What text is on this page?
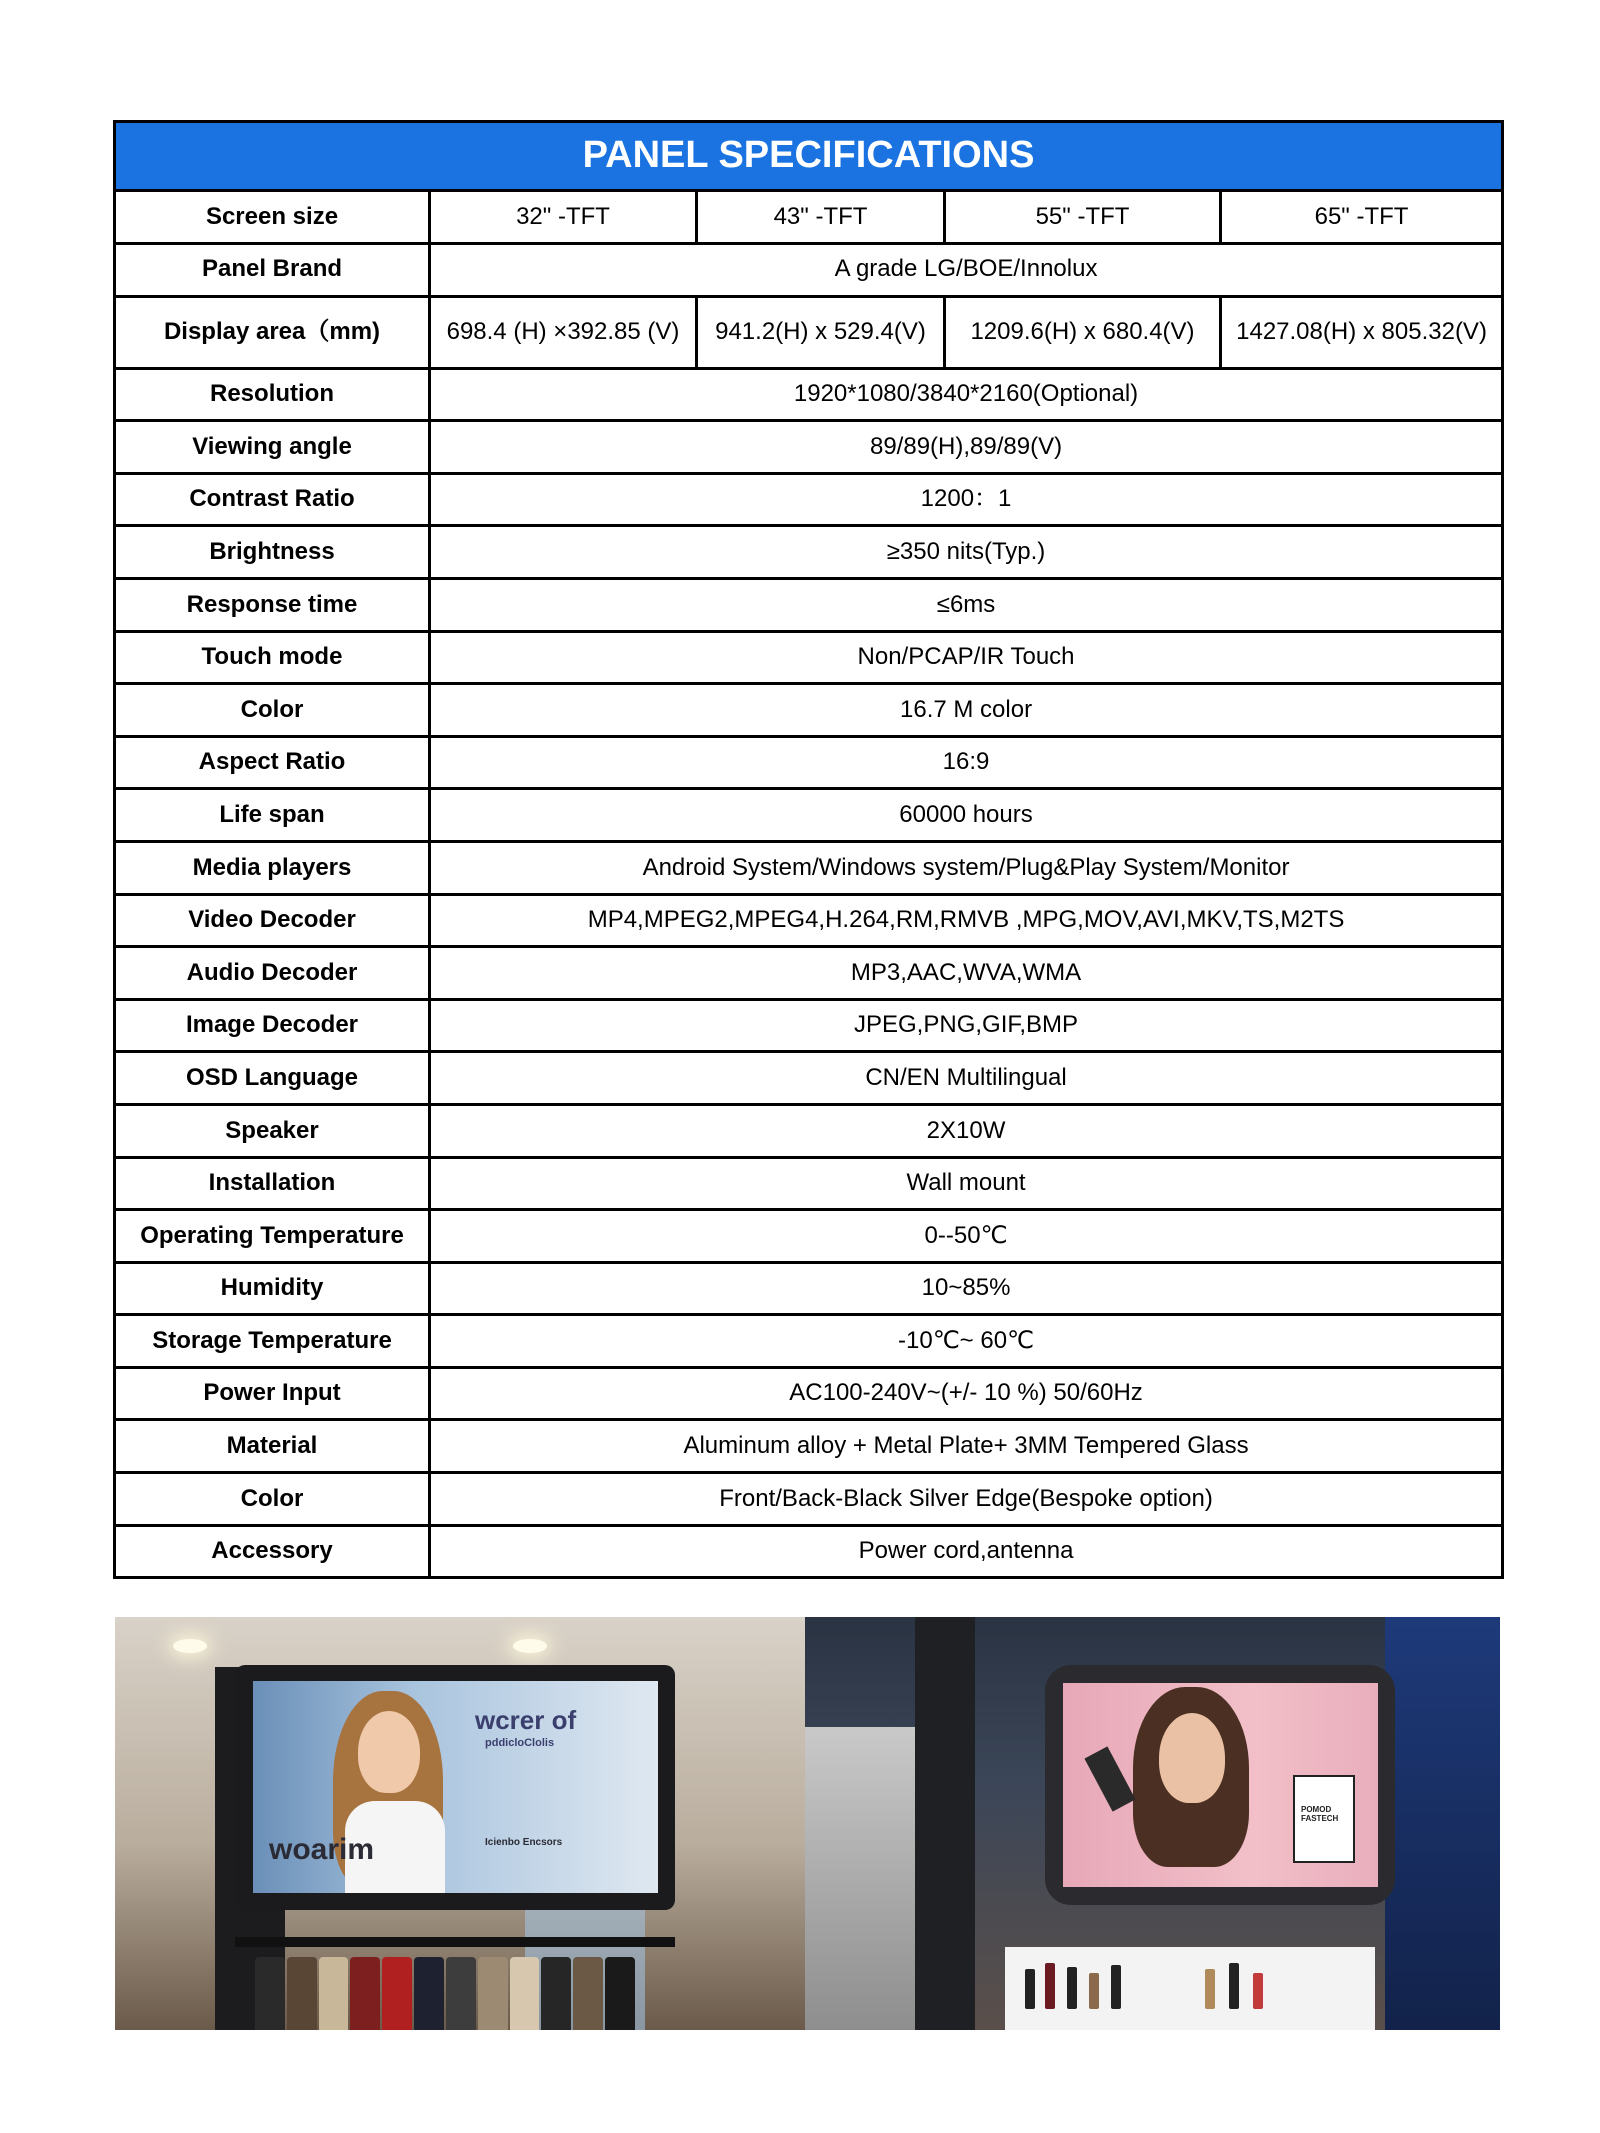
PANEL SPECIFICATIONS				
Screen size	32" -TFT	43" -TFT	55" -TFT	65" -TFT
Panel Brand	A grade LG/BOE/Innolux			
Display area（mm)	698.4 (H) ×392.85 (V)	941.2(H) x 529.4(V)	1209.6(H) x 680.4(V)	1427.08(H) x 805.32(V)
Resolution	1920*1080/3840*2160(Optional)			
Viewing angle	89/89(H),89/89(V)			
Contrast Ratio	1200：1			
Brightness	≥350 nits(Typ.)			
Response time	≤6ms			
Touch mode	Non/PCAP/IR Touch			
Color	16.7 M color			
Aspect Ratio	16:9			
Life span	60000 hours			
Media players	Android System/Windows system/Plug&Play System/Monitor			
Video Decoder	MP4,MPEG2,MPEG4,H.264,RM,RMVB ,MPG,MOV,AVI,MKV,TS,M2TS			
Audio Decoder	MP3,AAC,WVA,WMA			
Image Decoder	JPEG,PNG,GIF,BMP			
OSD Language	CN/EN Multilingual			
Speaker	2X10W			
Installation	Wall mount			
Operating Temperature	0--50℃			
Humidity	10~85%			
Storage Temperature	-10℃~ 60℃			
Power Input	AC100-240V~(+/- 10 %) 50/60Hz			
Material	Aluminum alloy + Metal Plate+ 3MM Tempered Glass			
Color	Front/Back-Black Silver Edge(Bespoke option)			
Accessory	Power cord,antenna			
wcrer of
pddicloClolis
woarim	Icienbo Encsors
POMOD FASTECH
